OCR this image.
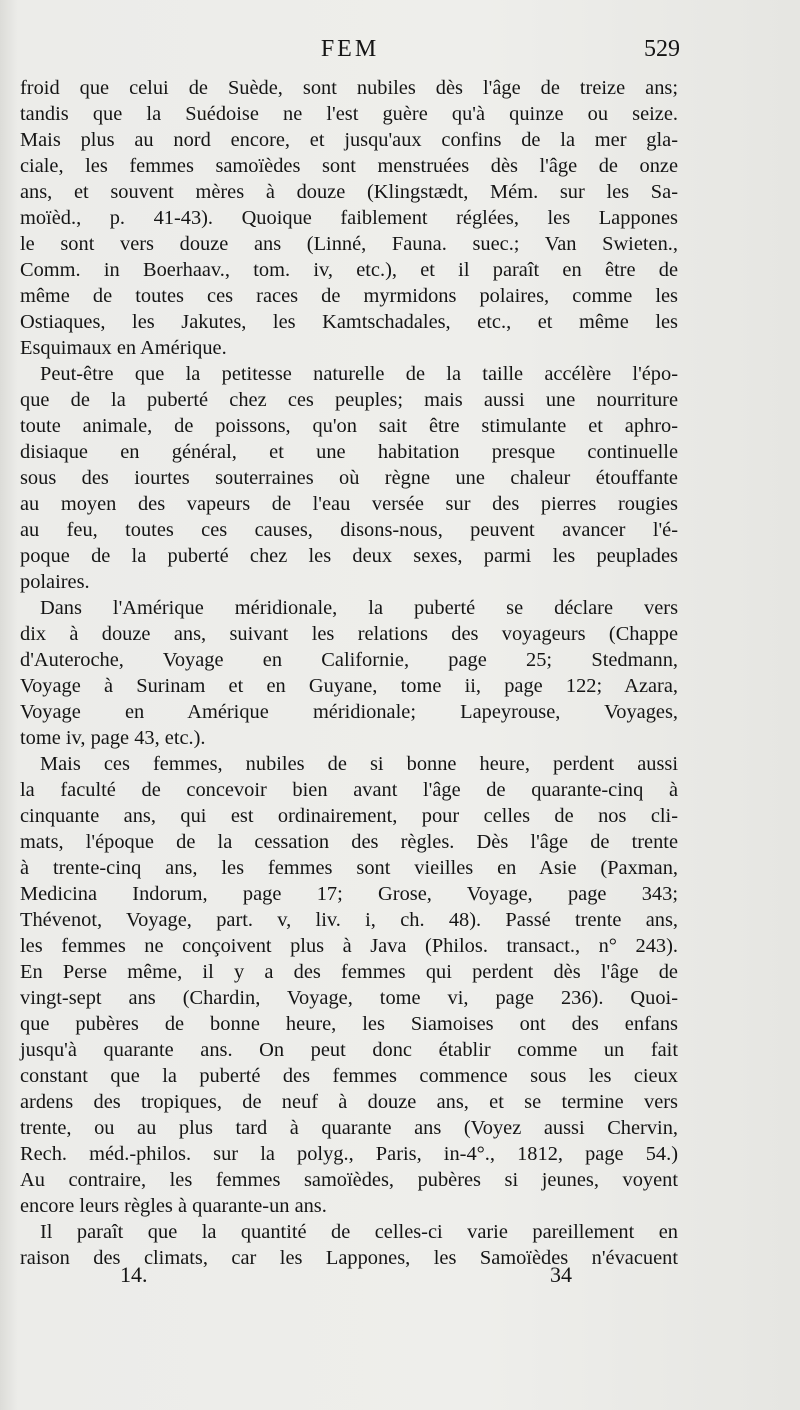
FEM	529

froid que celui de Suède, sont nubiles dès l'âge de treize ans;
tandis que la Suédoise ne l'est guère qu'à quinze ou seize.
Mais plus au nord encore, et jusqu'aux confins de la mer gla-
ciale, les femmes samoïèdes sont menstruées dès l'âge de onze
ans, et souvent mères à douze (Klingstædt, Mém. sur les Sa-
moïèd., p. 41-43). Quoique faiblement réglées, les Lappones
le sont vers douze ans (Linné, Fauna. suec.; Van Swieten.,
Comm. in Boerhaav., tom. iv, etc.), et il paraît en être de
même de toutes ces races de myrmidons polaires, comme les
Ostiaques, les Jakutes, les Kamtschadales, etc., et même les
Esquimaux en Amérique.

Peut-être que la petitesse naturelle de la taille accélère l'épo-
que de la puberté chez ces peuples; mais aussi une nourriture
toute animale, de poissons, qu'on sait être stimulante et aphro-
disiaque en général, et une habitation presque continuelle
sous des iourtes souterraines où règne une chaleur étouffante
au moyen des vapeurs de l'eau versée sur des pierres rougies
au feu, toutes ces causes, disons-nous, peuvent avancer l'é-
poque de la puberté chez les deux sexes, parmi les peuplades
polaires.

Dans l'Amérique méridionale, la puberté se déclare vers
dix à douze ans, suivant les relations des voyageurs (Chappe
d'Auteroche, Voyage en Californie, page 25; Stedmann,
Voyage à Surinam et en Guyane, tome ii, page 122; Azara,
Voyage en Amérique méridionale; Lapeyrouse, Voyages,
tome iv, page 43, etc.).

Mais ces femmes, nubiles de si bonne heure, perdent aussi
la faculté de concevoir bien avant l'âge de quarante-cinq à
cinquante ans, qui est ordinairement, pour celles de nos cli-
mats, l'époque de la cessation des règles. Dès l'âge de trente
à trente-cinq ans, les femmes sont vieilles en Asie (Paxman,
Medicina Indorum, page 17; Grose, Voyage, page 343;
Thévenot, Voyage, part. v, liv. i, ch. 48). Passé trente ans,
les femmes ne conçoivent plus à Java (Philos. transact., n° 243).
En Perse même, il y a des femmes qui perdent dès l'âge de
vingt-sept ans (Chardin, Voyage, tome vi, page 236). Quoi-
que pubères de bonne heure, les Siamoises ont des enfans
jusqu'à quarante ans. On peut donc établir comme un fait
constant que la puberté des femmes commence sous les cieux
ardens des tropiques, de neuf à douze ans, et se termine vers
trente, ou au plus tard à quarante ans (Voyez aussi Chervin,
Rech. méd.-philos. sur la polyg., Paris, in-4°., 1812, page 54.)
Au contraire, les femmes samoïèdes, pubères si jeunes, voyent
encore leurs règles à quarante-un ans.

Il paraît que la quantité de celles-ci varie pareillement en
raison des climats, car les Lappones, les Samoïèdes n'évacuent

14.	34
